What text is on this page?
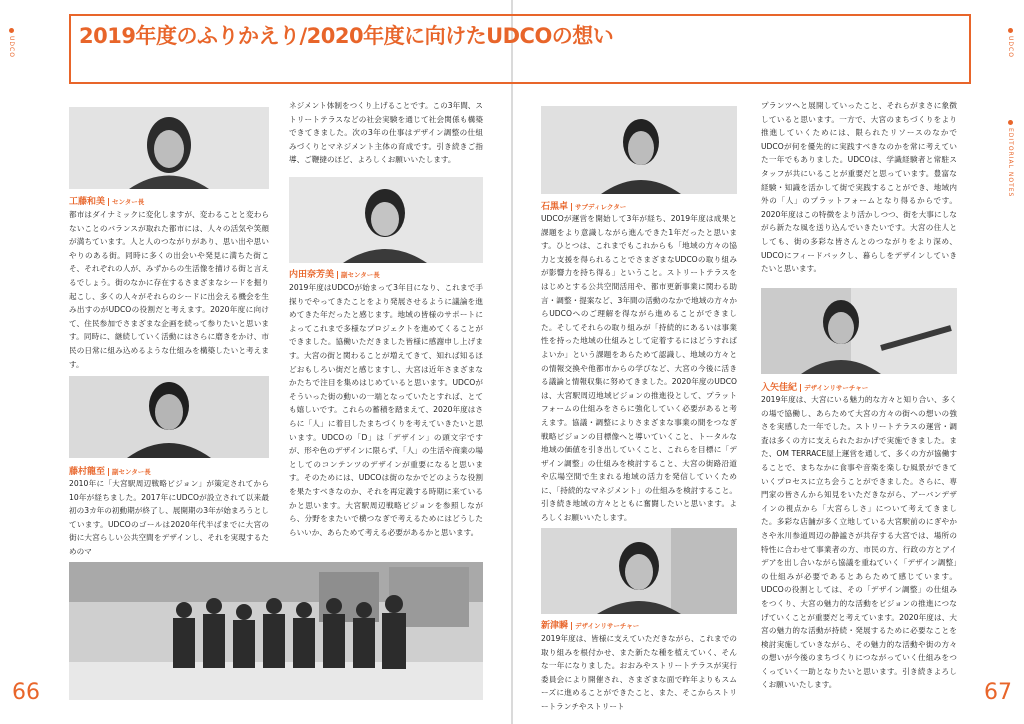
UDCO	UDCO
EDITORIAL NOTES
2019年度のふりかえり/2020年度に向けたUDCOの想い
工藤和美 センター長

都市はダイナミックに変化しますが、変わることと変わらないことのバランスが取れた都市には、人々の活気や笑顔が満ちています。人と人のつながりがあり、思い出や思いやりのある街。同時に多くの出会いや発見に満ちた街こそ、それぞれの人が、みずからの生活像を描ける街と言えるでしょう。街のなかに存在するさまざまなシードを掘り起こし、多くの人々がそれらのシードに出会える機会を生み出すのがUDCOの役割だと考えます。2020年度に向けて、住民参加でさまざまな企画を続って参りたいと思います。同時に、継続していく活動にはさらに磨きをかけ、市民の日常に組み込めるような仕組みを構築したいと考えます。

藤村龍至 副センター長

2010年に「大宮駅周辺戦略ビジョン」が策定されてから10年が経ちました。2017年にUDCOが設立されて以来最初の3カ年の初動期が終了し、展開期の3年が始まろうとしています。UDCOのゴールは2020年代半ばまでに大宮の街に大宮らしい公共空間をデザインし、それを実現するためのマ

ネジメント体制をつくり上げることです。この3年間、ストリートテラスなどの社会実験を通じて社会関係も構築できてきました。次の3年の仕事はデザイン調整の仕組みづくりとマネジメント主体の育成です。引き続きご指導、ご鞭撻のほど、よろしくお願いいたします。

内田奈芳美 副センター長

2019年度はUDCOが始まって3年目になり、これまで手探りでやってきたことをより発展させるように議論を進めてきた年だったと感じます。地域の皆様のサポートによってこれまで多様なプロジェクトを進めてくることができました。協働いただきました皆様に感謝申し上げます。大宮の街と関わることが増えてきて、知れば知るほどおもしろい街だと感じますし、大宮は近年さまざまなかたちで注目を集めはじめていると思います。UDCOがそういった街の動いの一端となっていたとすれば、とても嬉しいです。これらの蓄積を踏まえて、2020年度はさらに「人」に着目したまちづくりを考えていきたいと思います。UDCOの「D」は「デザイン」の頭文字ですが、形や色のデザインに限らず、「人」の生活や商業の場としてのコンテンツのデザインが重要になると思います。そのためには、UDCOは街のなかでどのような役割を果たすべきなのか、それを再定義する時期に来ているかと思います。大宮駅周辺戦略ビジョンを参照しながら、分野をまたいで横つなぎで考えるためにはどうしたらいいか、あらためて考える必要があるかと思います。

66
石黒卓 サブディレクター

UDCOが運営を開始して3年が経ち、2019年度は成果と課題をより意識しながら進んできた1年だったと思います。ひとつは、これまでもこれからも「地域の方々の協力と支援を得られることでさまざまなUDCOの取り組みが影響力を持ち得る」ということ。ストリートテラスをはじめとする公共空間活用や、都市更新事業に関わる助言・調整・提案など、3年間の活動のなかで地域の方々からUDCOへのご理解を得ながら進めることができました。そしてそれらの取り組みが「持続的にあるいは事業性を持った地域の仕組みとして定着するにはどうすればよいか」という課題をあらためて認識し、地域の方々との情報交換や他都市からの学びなど、大宮の今後に活きる議論と情報収集に努めてきました。2020年度のUDCOは、大宮駅周辺地域ビジョンの推進役として、プラットフォームの仕組みをさらに強化していく必要があると考えます。協議・調整によりさまざまな事業の間をつなぎ戦略ビジョンの目標像へと導いていくこと、トータルな地域の価値を引き出していくこと、これらを目標に「デザイン調整」の仕組みを検討すること、大宮の街路沿道や広場空間で生まれる地域の活力を発信していくために、「持続的なマネジメント」の仕組みを検討すること。引き続き地域の方々とともに奮闘したいと思います。よろしくお願いいたします。

新津瞬 デザインリサーチャー

2019年度は、皆様に支えていただきながら、これまでの取り組みを根付かせ、また新たな種を植えていく、そんな一年になりました。おおみやストリートテラスが実行委員会により開催され、さまざまな面で昨年よりもスムーズに進めることができたこと、また、そこからストリートランチやストリート

プランツへと展開していったこと、それらがまさに象徴していると思います。一方で、大宮のまちづくりをより推進していくためには、限られたリソースのなかでUDCOが何を優先的に実践すべきなのかを常に考えていた一年でもありました。UDCOは、学識経験者と常駐スタッフが共にいることが重要だと思っています。豊富な経験・知識を活かして街で実践することができ、地域内外の「人」のプラットフォームとなり得るからです。2020年度はこの特徴をより活かしつつ、街を大事にしながら新たな風を送り込んでいきたいです。大宮の住人としても、街の多彩な皆さんとのつながりをより深め、UDCOにフィードバックし、暮らしをデザインしていきたいと思います。

入矢佳紀 デザインリサーチャー

2019年度は、大宮にいる魅力的な方々と知り合い、多くの場で協働し、あらためて大宮の方々の街への想いの強さを実感した一年でした。ストリートテラスの運営・調査は多くの方に支えられたおかげで実施できました。また、OM TERRACE屋上運営を通して、多くの方が協働することで、まちなかに食事や音楽を楽しむ風景ができていくプロセスに立ち会うことができました。さらに、専門家の皆さんから知見をいただきながら、アーバンデザインの視点から「大宮らしさ」について考えてきました。多彩な店舗が多く立地している大宮駅前のにぎやかさや氷川参道周辺の静謐さが共存する大宮では、場所の特性に合わせて事業者の方、市民の方、行政の方とアイデアを出し合いながら協議を重ねていく「デザイン調整」の仕組みが必要であるとあらためて感じています。UDCOの役割としては、その「デザイン調整」の仕組みをつくり、大宮の魅力的な活動をビジョンの推進につなげていくことが重要だと考えています。2020年度は、大宮の魅力的な活動が持続・発展するために必要なことを検討実施していきながら、その魅力的な活動や街の方々の想いが今後のまちづくりにつながっていく仕組みをつくっていく一助となりたいと思います。引き続きよろしくお願いいたします。	67
